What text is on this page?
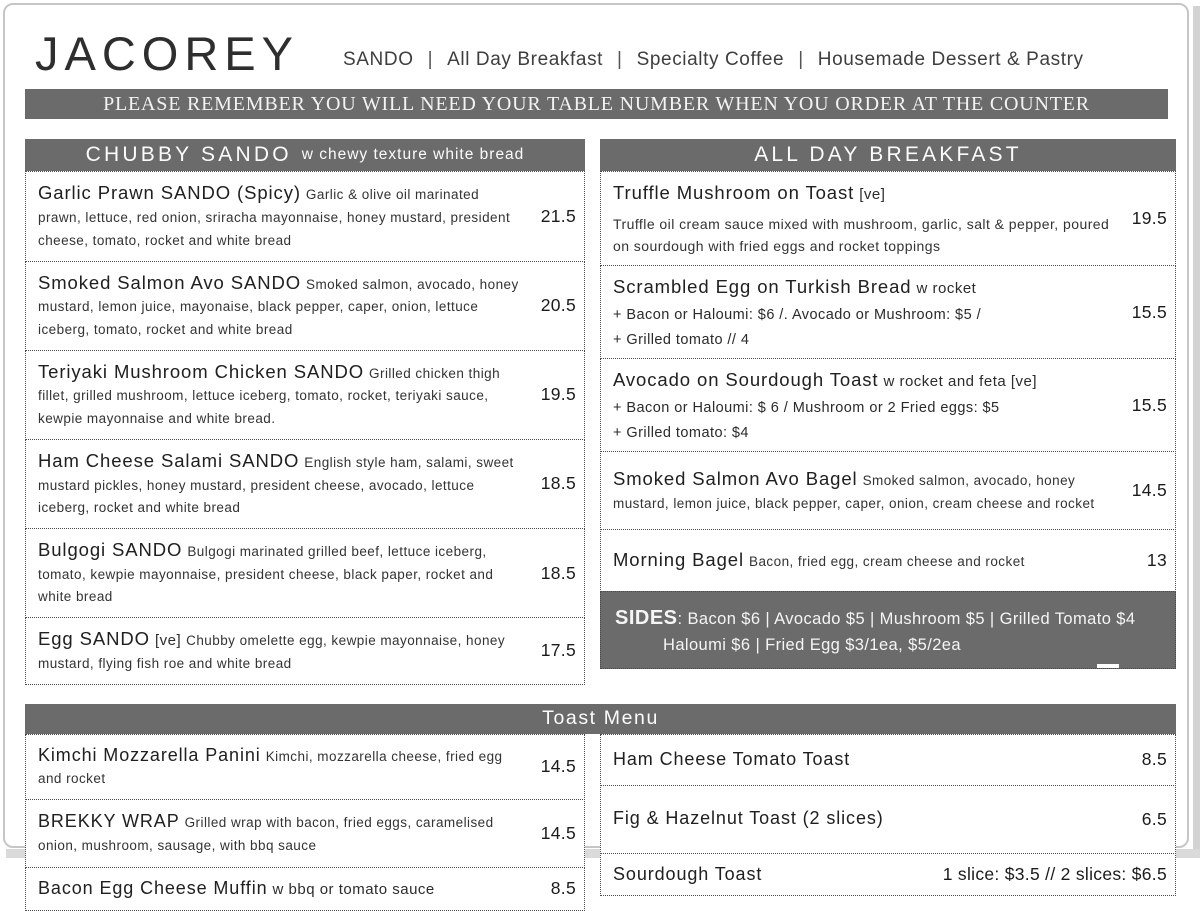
JACOREY	SANDO | All Day Breakfast | Specialty Coffee | Housemade Dessert & Pastry
PLEASE REMEMBER YOU WILL NEED YOUR TABLE NUMBER WHEN YOU ORDER AT THE COUNTER
CHUBBY SANDO w chewy texture white bread
Garlic Prawn SANDO (Spicy) Garlic & olive oil marinated prawn, lettuce, red onion, sriracha mayonnaise, honey mustard, president cheese, tomato, rocket and white bread
21.5
Smoked Salmon Avo SANDO Smoked salmon, avocado, honey mustard, lemon juice, mayonaise, black pepper, caper, onion, lettuce iceberg, tomato, rocket and white bread
20.5
Teriyaki Mushroom Chicken SANDO Grilled chicken thigh fillet, grilled mushroom, lettuce iceberg, tomato, rocket, teriyaki sauce, kewpie mayonnaise and white bread.
19.5
Ham Cheese Salami SANDO English style ham, salami, sweet mustard pickles, honey mustard, president cheese, avocado, lettuce iceberg, rocket and white bread
18.5
Bulgogi SANDO Bulgogi marinated grilled beef, lettuce iceberg, tomato, kewpie mayonnaise, president cheese, black paper, rocket and white bread
18.5
Egg SANDO [ve] Chubby omelette egg, kewpie mayonnaise, honey mustard, flying fish roe and white bread
17.5
ALL DAY BREAKFAST
Truffle Mushroom on Toast [ve]
Truffle oil cream sauce mixed with mushroom, garlic, salt & pepper, poured on sourdough with fried eggs and rocket toppings
19.5
Scrambled Egg on Turkish Bread w rocket
+ Bacon or Haloumi: $6 /. Avocado or Mushroom: $5 /
+ Grilled tomato // 4
15.5
Avocado on Sourdough Toast w rocket and feta [ve]
+ Bacon or Haloumi: $ 6 / Mushroom or 2 Fried eggs: $5
+ Grilled tomato: $4
15.5
Smoked Salmon Avo Bagel Smoked salmon, avocado, honey mustard, lemon juice, black pepper, caper, onion, cream cheese and rocket
14.5
Morning Bagel Bacon, fried egg, cream cheese and rocket	13
SIDES: Bacon $6 | Avocado $5 | Mushroom $5 | Grilled Tomato $4
Haloumi $6 | Fried Egg $3/1ea, $5/2ea
Toast Menu
Kimchi Mozzarella Panini Kimchi, mozzarella cheese, fried egg and rocket
14.5
BREKKY WRAP Grilled wrap with bacon, fried eggs, caramelised onion, mushroom, sausage, with bbq sauce
14.5
Bacon Egg Cheese Muffin w bbq or tomato sauce	8.5
Ham Cheese Tomato Toast	8.5
Fig & Hazelnut Toast (2 slices)	6.5
Sourdough Toast	1 slice: $3.5 // 2 slices: $6.5
